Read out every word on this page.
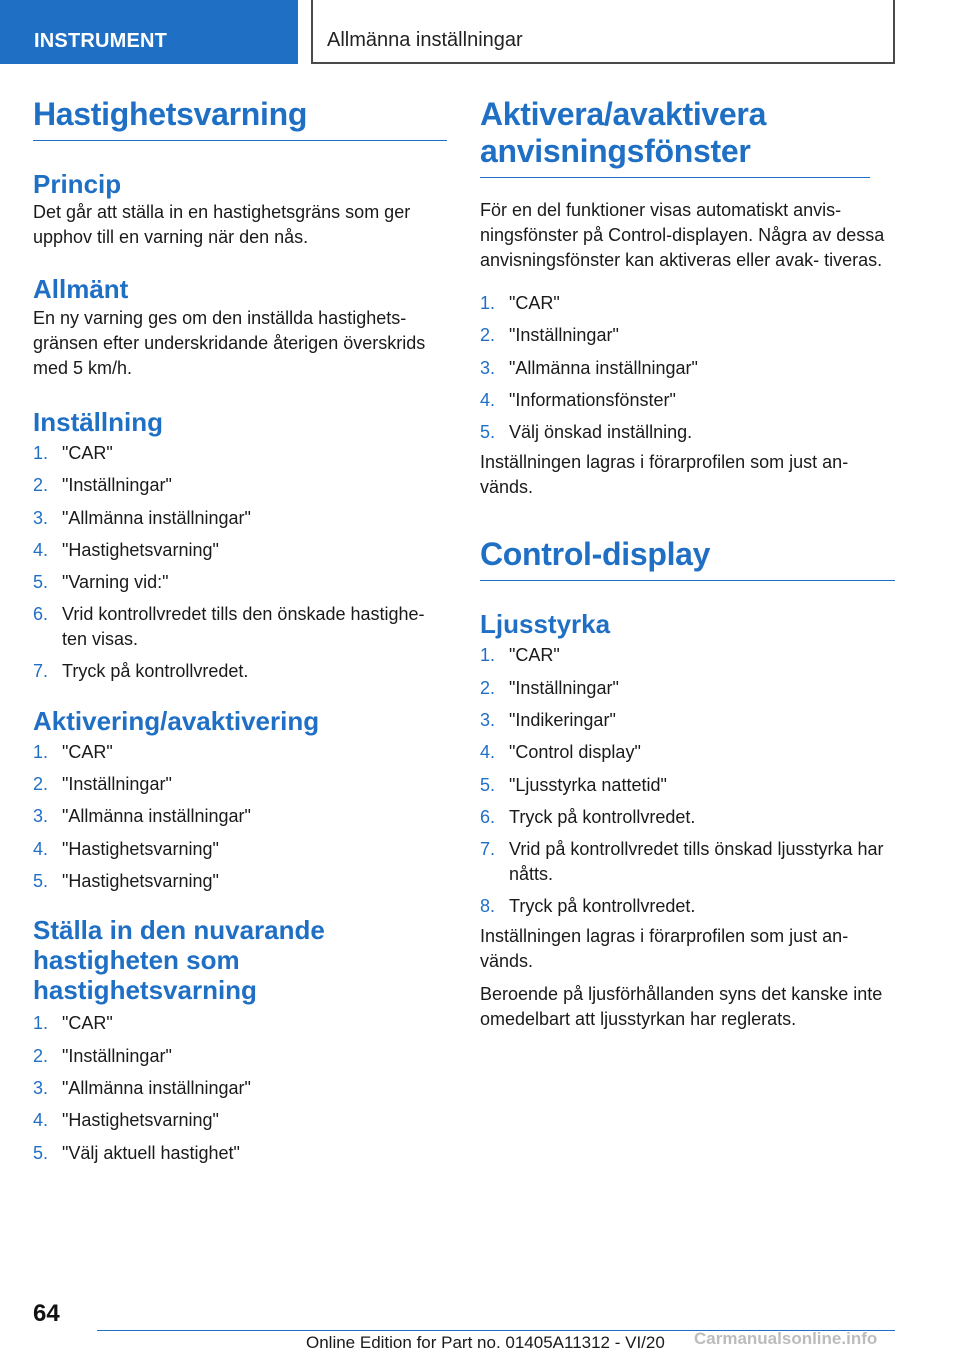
INSTRUMENT	Allmänna inställningar
Hastighetsvarning
Princip

Det går att ställa in en hastighetsgräns som ger upphov till en varning när den nås.

Allmänt

En ny varning ges om den inställda hastighets- gränsen efter underskridande återigen överskrids med 5 km/h.

Inställning
1. "CAR"
2. "Inställningar"
3. "Allmänna inställningar"
4. "Hastighetsvarning"
5. "Varning vid:"
6. Vrid kontrollvredet tills den önskade hastighe- ten visas.
7. Tryck på kontrollvredet.
Aktivering/avaktivering
1. "CAR"
2. "Inställningar"
3. "Allmänna inställningar"
4. "Hastighetsvarning"
5. "Hastighetsvarning"
Ställa in den nuvarande hastigheten som hastighetsvarning
1. "CAR"
2. "Inställningar"
3. "Allmänna inställningar"
4. "Hastighetsvarning"
5. "Välj aktuell hastighet"
Aktivera/avaktivera anvisningsfönster

För en del funktioner visas automatiskt anvis- ningsfönster på Control-displayen. Några av dessa anvisningsfönster kan aktiveras eller avak- tiveras.

1. "CAR"
2. "Inställningar"
3. "Allmänna inställningar"
4. "Informationsfönster"
5. Välj önskad inställning.

Inställningen lagras i förarprofilen som just an- vänds.

Control-display
Ljusstyrka
1. "CAR"
2. "Inställningar"
3. "Indikeringar"
4. "Control display"
5. "Ljusstyrka nattetid"
6. Tryck på kontrollvredet.
7. Vrid på kontrollvredet tills önskad ljusstyrka har nåtts.
8. Tryck på kontrollvredet.

Inställningen lagras i förarprofilen som just an- vänds.

Beroende på ljusförhållanden syns det kanske inte omedelbart att ljusstyrkan har reglerats.

64
Online Edition for Part no. 01405A11312 - VI/20 Carmanualsonline.info
